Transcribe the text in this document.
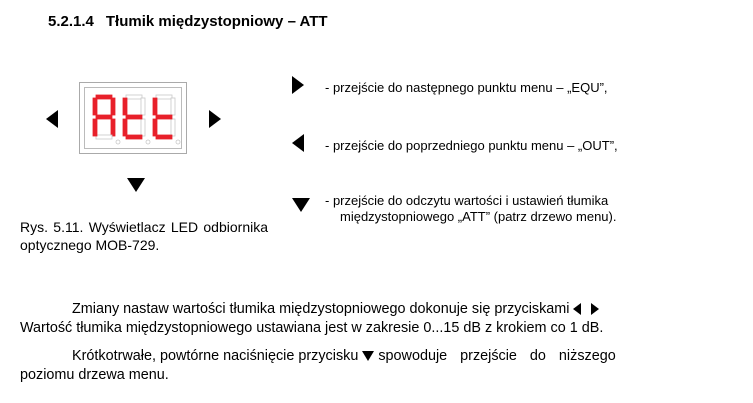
5.2.1.4 Tłumik międzystopniowy – ATT
Rys. 5.11. Wyświetlacz LED odbiornika optycznego MOB-729.
- przejście do następnego punktu menu – „EQU”,
- przejście do poprzedniego punktu menu – „OUT”,
- przejście do odczytu wartości i ustawień tłumika
międzystopniowego „ATT” (patrz drzewo menu).
Zmiany nastaw wartości tłumika międzystopniowego dokonuje się przyciskami
Wartość tłumika międzystopniowego ustawiana jest w zakresie 0...15 dB z krokiem co 1 dB.
Krótkotrwałe, powtórne naciśnięcie przycisku spowoduje przejście do niższego
poziomu drzewa menu.
